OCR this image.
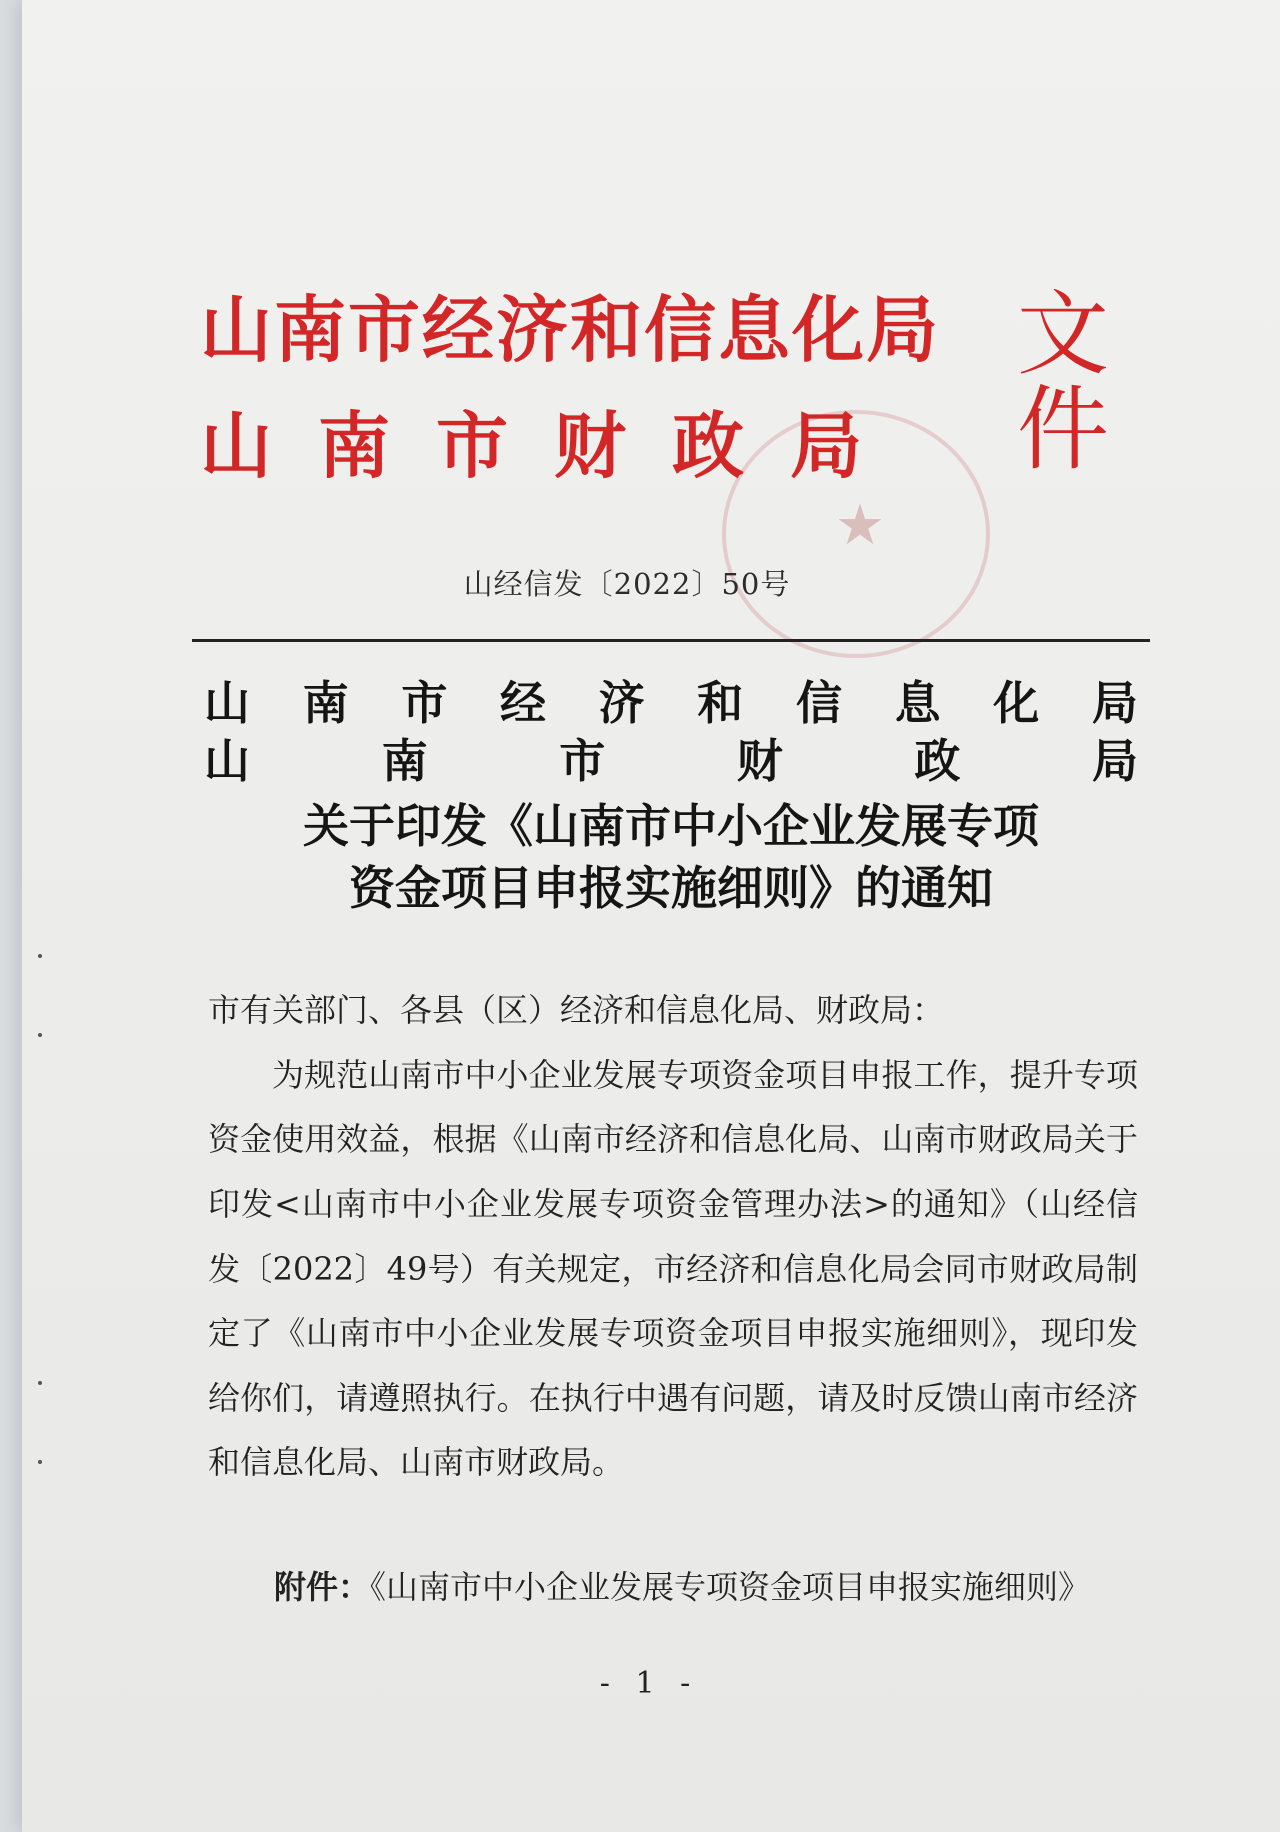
★
山南市经济和信息化局
山南市财政局
文件
山经信发〔2022〕50号
山 南 市 经 济 和 信 息 化 局
山	南	市	财	政	局
关于印发《山南市中小企业发展专项
资金项目申报实施细则》的通知

市有关部门、各县（区）经济和信息化局、财政局：

为规范山南市中小企业发展专项资金项目申报工作，提升专项资金使用效益，根据《山南市经济和信息化局、山南市财政局关于印发<山南市中小企业发展专项资金管理办法>的通知》（山经信发〔2022〕49号）有关规定，市经济和信息化局会同市财政局制定了《山南市中小企业发展专项资金项目申报实施细则》，现印发给你们，请遵照执行。在执行中遇有问题，请及时反馈山南市经济和信息化局、山南市财政局。

附件：《山南市中小企业发展专项资金项目申报实施细则》
- 1 -
